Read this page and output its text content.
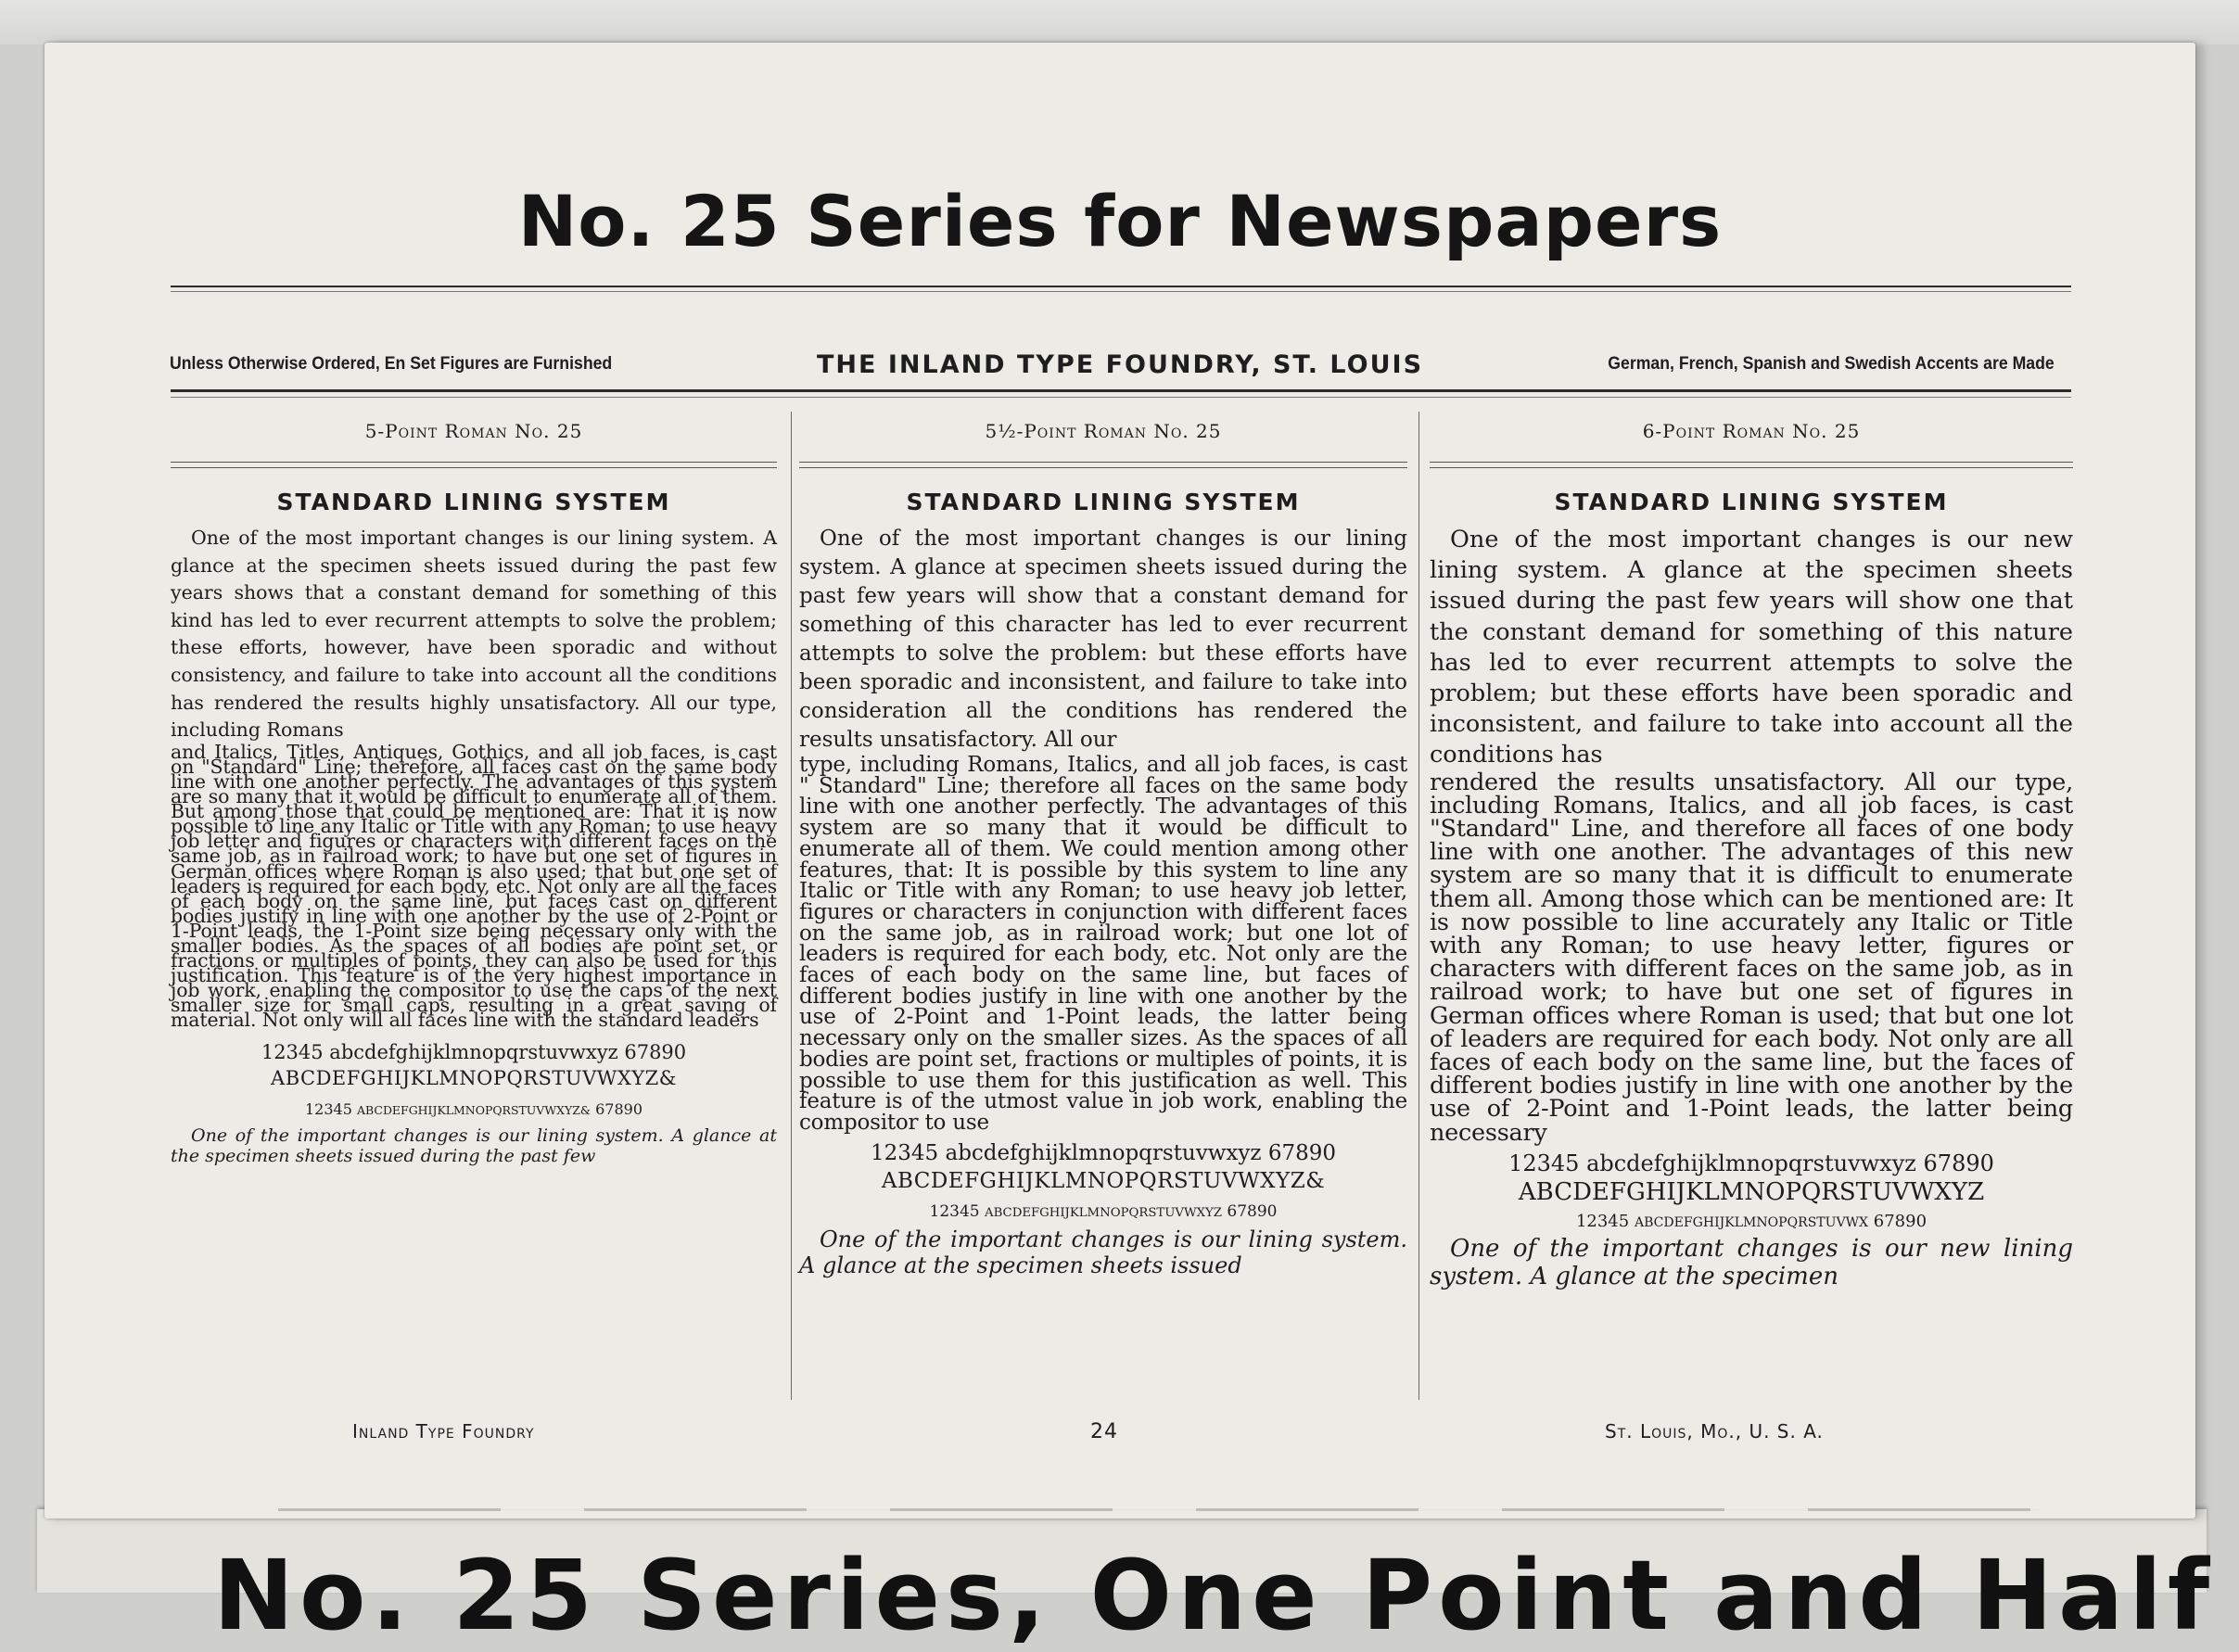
No. 25 Series, One Point and Half
No. 25 Series for Newspapers
Unless Otherwise Ordered, En Set Figures are Furnished	THE INLAND TYPE FOUNDRY, ST. LOUIS	German, French, Spanish and Swedish Accents are Made
5-Point Roman No. 25
STANDARD LINING SYSTEM

One of the most important changes is our lining system. A glance at the specimen sheets issued during the past few years shows that a constant demand for something of this kind has led to ever recurrent attempts to solve the problem; these efforts, however, have been sporadic and without consistency, and failure to take into account all the conditions has rendered the results highly unsatisfactory. All our type, including Romans

and Italics, Titles, Antiques, Gothics, and all job faces, is cast on "Standard" Line; therefore, all faces cast on the same body line with one another perfectly. The advantages of this system are so many that it would be difficult to enumerate all of them. But among those that could be mentioned are: That it is now possible to line any Italic or Title with any Roman; to use heavy job letter and figures or characters with different faces on the same job, as in railroad work; to have but one set of figures in German offices where Roman is also used; that but one set of leaders is required for each body, etc. Not only are all the faces of each body on the same line, but faces cast on different bodies justify in line with one another by the use of 2-Point or 1-Point leads, the 1-Point size being necessary only with the smaller bodies. As the spaces of all bodies are point set, or fractions or multiples of points, they can also be used for this justification. This feature is of the very highest importance in job work, enabling the compositor to use the caps of the next smaller size for small caps, resulting in a great saving of material. Not only will all faces line with the standard leaders

12345 abcdefghijklmnopqrstuvwxyz 67890
ABCDEFGHIJKLMNOPQRSTUVWXYZ&
12345 ABCDEFGHIJKLMNOPQRSTUVWXYZ& 67890

One of the important changes is our lining system. A glance at the specimen sheets issued during the past few

5½-Point Roman No. 25
STANDARD LINING SYSTEM

One of the most important changes is our lining system. A glance at specimen sheets issued during the past few years will show that a constant demand for something of this character has led to ever recurrent attempts to solve the problem: but these efforts have been sporadic and inconsistent, and failure to take into consideration all the conditions has rendered the results unsatisfactory. All our

type, including Romans, Italics, and all job faces, is cast " Standard" Line; therefore all faces on the same body line with one another perfectly. The advantages of this system are so many that it would be difficult to enumerate all of them. We could mention among other features, that: It is possible by this system to line any Italic or Title with any Roman; to use heavy job letter, figures or characters in conjunction with different faces on the same job, as in railroad work; but one lot of leaders is required for each body, etc. Not only are the faces of each body on the same line, but faces of different bodies justify in line with one another by the use of 2-Point and 1-Point leads, the latter being necessary only on the smaller sizes. As the spaces of all bodies are point set, fractions or multiples of points, it is possible to use them for this justification as well. This feature is of the utmost value in job work, enabling the compositor to use

12345 abcdefghijklmnopqrstuvwxyz 67890
ABCDEFGHIJKLMNOPQRSTUVWXYZ&
12345 ABCDEFGHIJKLMNOPQRSTUVWXYZ 67890

One of the important changes is our lining system. A glance at the specimen sheets issued

6-Point Roman No. 25
STANDARD LINING SYSTEM

One of the most important changes is our new lining system. A glance at the specimen sheets issued during the past few years will show one that the constant demand for something of this nature has led to ever recurrent attempts to solve the problem; but these efforts have been sporadic and inconsistent, and failure to take into account all the conditions has

rendered the results unsatisfactory. All our type, including Romans, Italics, and all job faces, is cast "Standard" Line, and therefore all faces of one body line with one another. The advantages of this new system are so many that it is difficult to enumerate them all. Among those which can be mentioned are: It is now possible to line accurately any Italic or Title with any Roman; to use heavy letter, figures or characters with different faces on the same job, as in railroad work; to have but one set of figures in German offices where Roman is used; that but one lot of leaders are required for each body. Not only are all faces of each body on the same line, but the faces of different bodies justify in line with one another by the use of 2-Point and 1-Point leads, the latter being necessary

12345 abcdefghijklmnopqrstuvwxyz 67890
ABCDEFGHIJKLMNOPQRSTUVWXYZ
12345 ABCDEFGHIJKLMNOPQRSTUVWX 67890

One of the important changes is our new lining system. A glance at the specimen

Inland Type Foundry	24	St. Louis, Mo., U. S. A.
